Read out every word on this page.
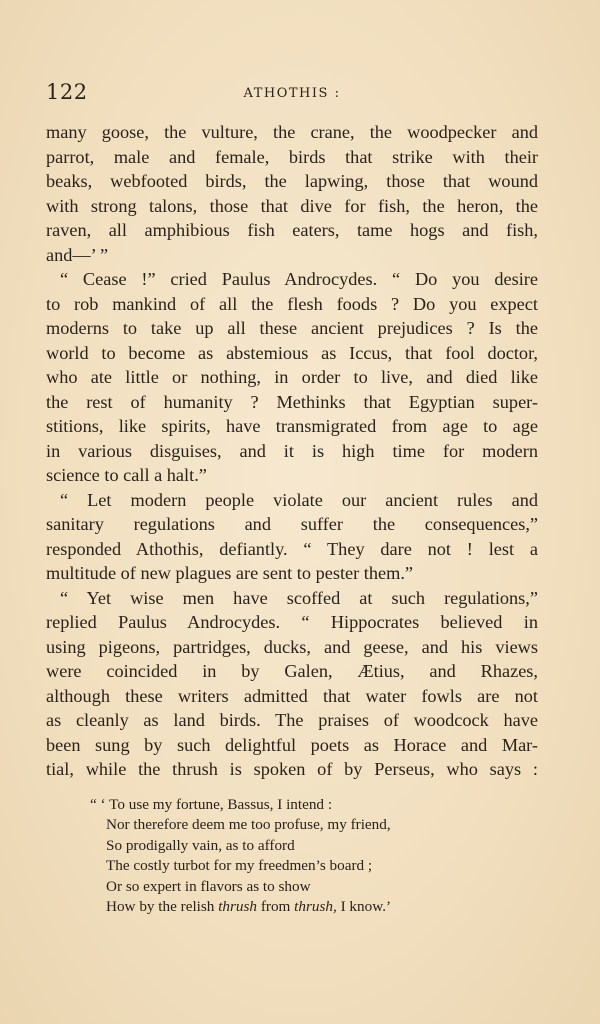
122	ATHOTHIS :
many goose, the vulture, the crane, the woodpecker and
parrot, male and female, birds that strike with their
beaks, webfooted birds, the lapwing, those that wound
with strong talons, those that dive for fish, the heron, the
raven, all amphibious fish eaters, tame hogs and fish,
and—’ ”
“ Cease !” cried Paulus Androcydes. “ Do you desire
to rob mankind of all the flesh foods ? Do you expect
moderns to take up all these ancient prejudices ? Is the
world to become as abstemious as Iccus, that fool doctor,
who ate little or nothing, in order to live, and died like
the rest of humanity ? Methinks that Egyptian super-
stitions, like spirits, have transmigrated from age to age
in various disguises, and it is high time for modern
science to call a halt.”
“ Let modern people violate our ancient rules and
sanitary regulations and suffer the consequences,”
responded Athothis, defiantly. “ They dare not ! lest a
multitude of new plagues are sent to pester them.”
“ Yet wise men have scoffed at such regulations,”
replied Paulus Androcydes. “ Hippocrates believed in
using pigeons, partridges, ducks, and geese, and his views
were coincided in by Galen, Ætius, and Rhazes,
although these writers admitted that water fowls are not
as cleanly as land birds. The praises of woodcock have
been sung by such delightful poets as Horace and Mar-
tial, while the thrush is spoken of by Perseus, who says :
“ ‘ To use my fortune, Bassus, I intend :
Nor therefore deem me too profuse, my friend,
So prodigally vain, as to afford
The costly turbot for my freedmen’s board ;
Or so expert in flavors as to show
How by the relish thrush from thrush, I know.’
